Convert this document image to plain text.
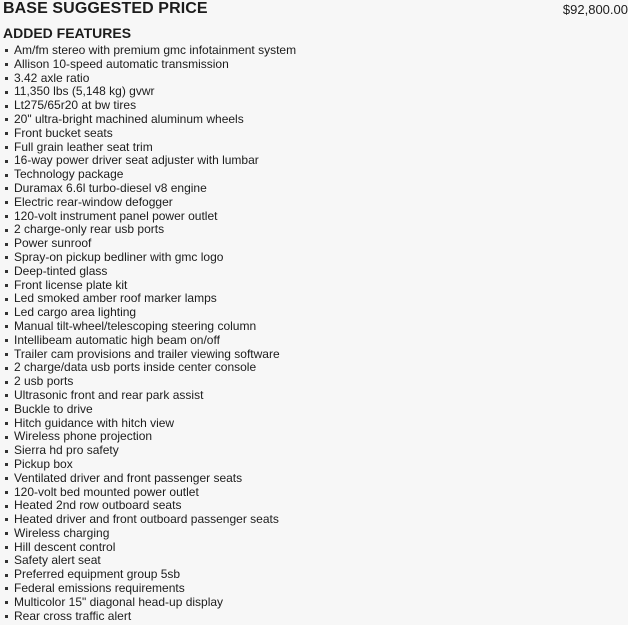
BASE SUGGESTED PRICE	$92,800.00
ADDED FEATURES
Am/fm stereo with premium gmc infotainment system
Allison 10-speed automatic transmission
3.42 axle ratio
11,350 lbs (5,148 kg) gvwr
Lt275/65r20 at bw tires
20" ultra-bright machined aluminum wheels
Front bucket seats
Full grain leather seat trim
16-way power driver seat adjuster with lumbar
Technology package
Duramax 6.6l turbo-diesel v8 engine
Electric rear-window defogger
120-volt instrument panel power outlet
2 charge-only rear usb ports
Power sunroof
Spray-on pickup bedliner with gmc logo
Deep-tinted glass
Front license plate kit
Led smoked amber roof marker lamps
Led cargo area lighting
Manual tilt-wheel/telescoping steering column
Intellibeam automatic high beam on/off
Trailer cam provisions and trailer viewing software
2 charge/data usb ports inside center console
2 usb ports
Ultrasonic front and rear park assist
Buckle to drive
Hitch guidance with hitch view
Wireless phone projection
Sierra hd pro safety
Pickup box
Ventilated driver and front passenger seats
120-volt bed mounted power outlet
Heated 2nd row outboard seats
Heated driver and front outboard passenger seats
Wireless charging
Hill descent control
Safety alert seat
Preferred equipment group 5sb
Federal emissions requirements
Multicolor 15" diagonal head-up display
Rear cross traffic alert
